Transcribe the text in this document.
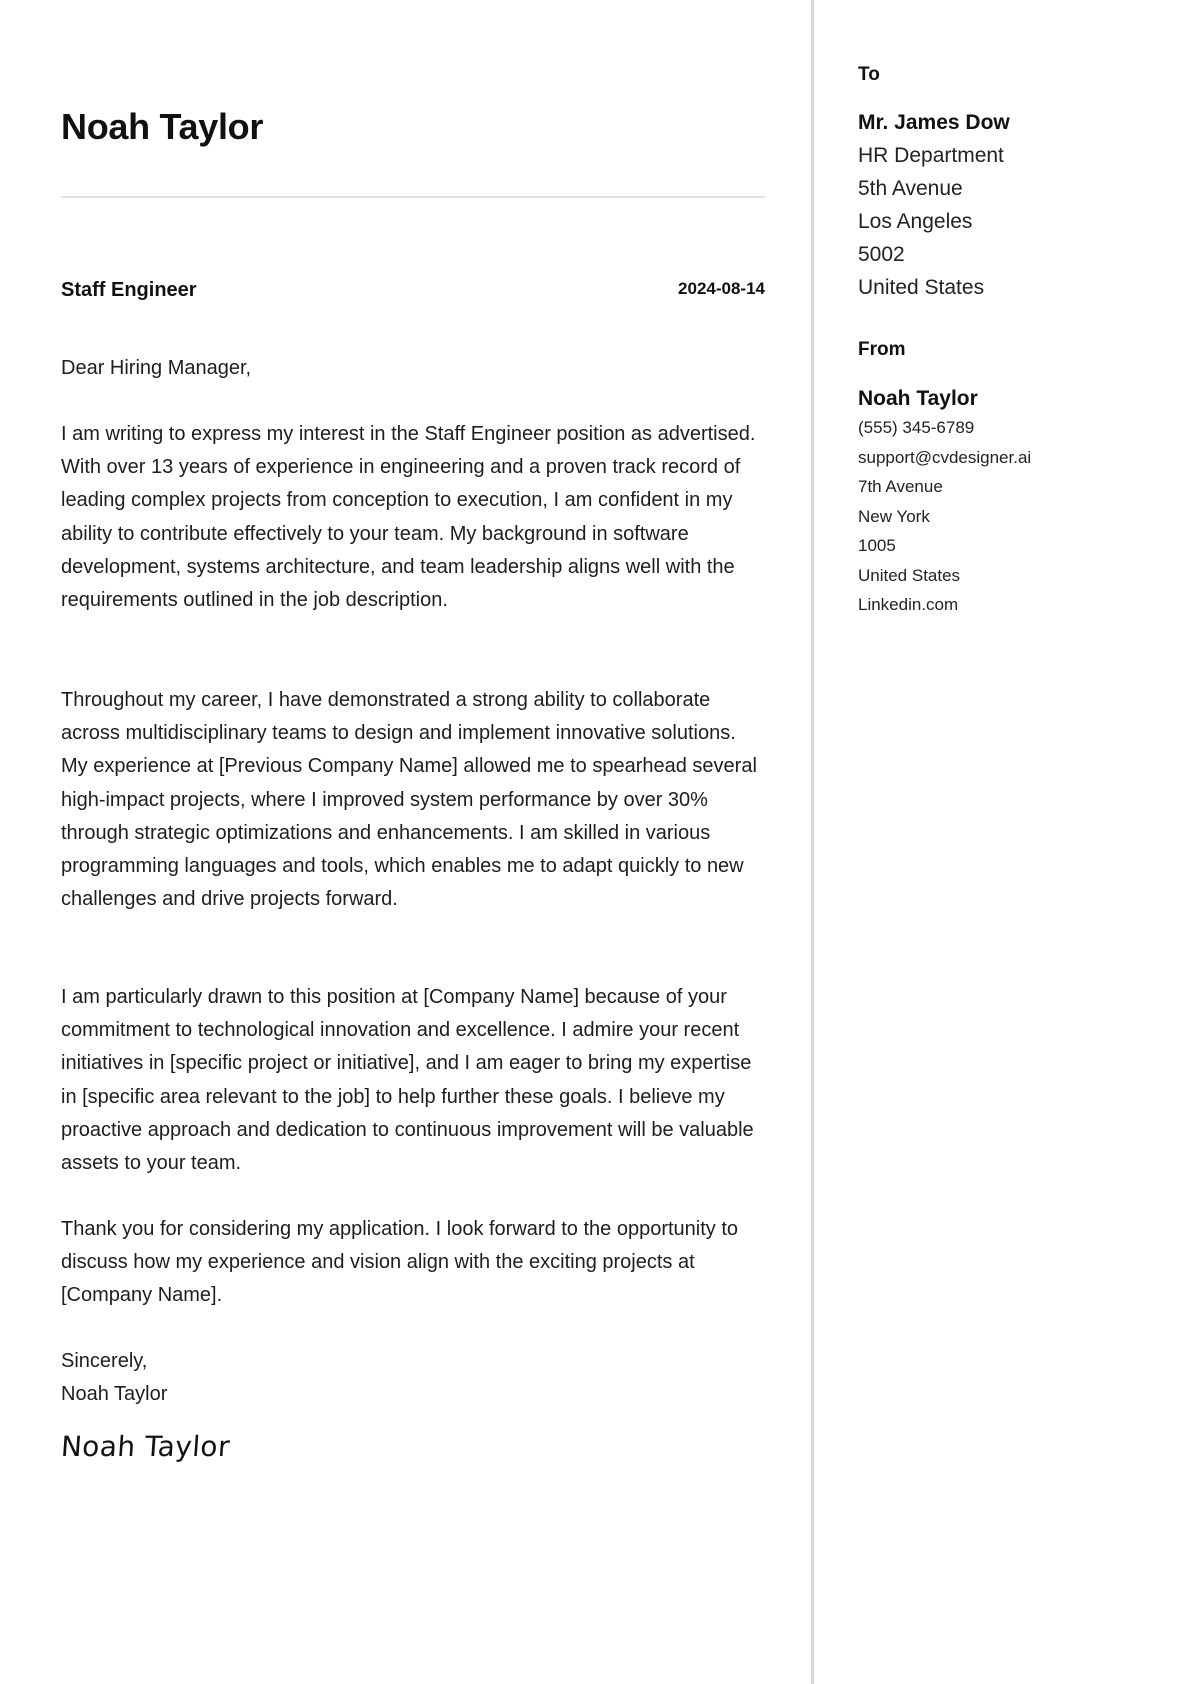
Noah Taylor
Staff Engineer	2024-08-14

Dear Hiring Manager,

I am writing to express my interest in the Staff Engineer position as advertised. With over 13 years of experience in engineering and a proven track record of leading complex projects from conception to execution, I am confident in my ability to contribute effectively to your team. My background in software development, systems architecture, and team leadership aligns well with the requirements outlined in the job description.

Throughout my career, I have demonstrated a strong ability to collaborate across multidisciplinary teams to design and implement innovative solutions. My experience at [Previous Company Name] allowed me to spearhead several high-impact projects, where I improved system performance by over 30% through strategic optimizations and enhancements. I am skilled in various programming languages and tools, which enables me to adapt quickly to new challenges and drive projects forward.

I am particularly drawn to this position at [Company Name] because of your commitment to technological innovation and excellence. I admire your recent initiatives in [specific project or initiative], and I am eager to bring my expertise in [specific area relevant to the job] to help further these goals. I believe my proactive approach and dedication to continuous improvement will be valuable assets to your team.

Thank you for considering my application. I look forward to the opportunity to discuss how my experience and vision align with the exciting projects at [Company Name].

Sincerely,
Noah Taylor

Noah Taylor
To
Mr. James Dow
HR Department
5th Avenue
Los Angeles
5002
United States
From
Noah Taylor
(555) 345-6789
support@cvdesigner.ai
7th Avenue
New York
1005
United States
Linkedin.com
